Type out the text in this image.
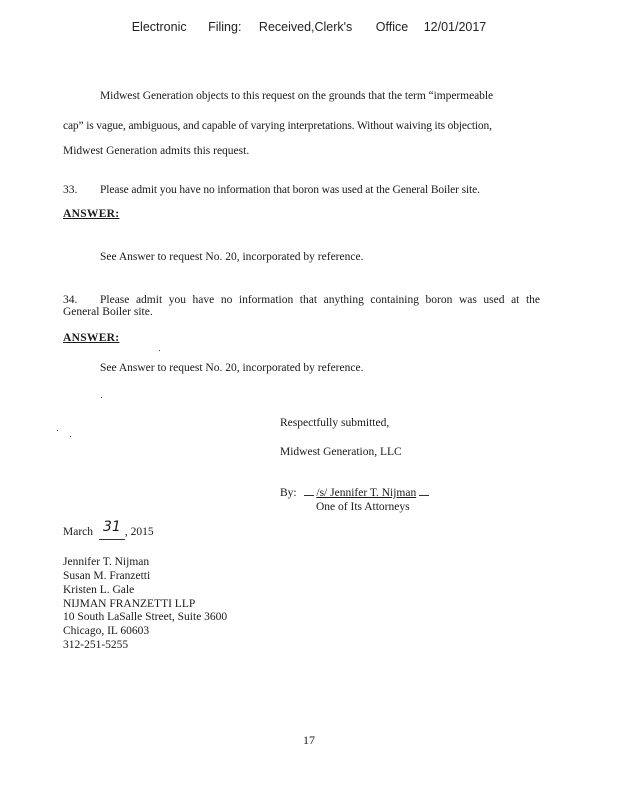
Electronic Filing: Received,Clerk's Office 12/01/2017
Midwest Generation objects to this request on the grounds that the term “impermeable
cap” is vague, ambiguous, and capable of varying interpretations. Without waiving its objection,
Midwest Generation admits this request.
33. Please admit you have no information that boron was used at the General Boiler site.
ANSWER:
See Answer to request No. 20, incorporated by reference.
34. Please admit you have no information that anything containing boron was used at the
General Boiler site.
ANSWER:
See Answer to request No. 20, incorporated by reference.
Respectfully submitted,
Midwest Generation, LLC
By: /s/ Jennifer T. Nijman
One of Its Attorneys
March 31 , 2015
Jennifer T. Nijman
Susan M. Franzetti
Kristen L. Gale
NIJMAN FRANZETTI LLP
10 South LaSalle Street, Suite 3600
Chicago, IL 60603
312-251-5255
17
